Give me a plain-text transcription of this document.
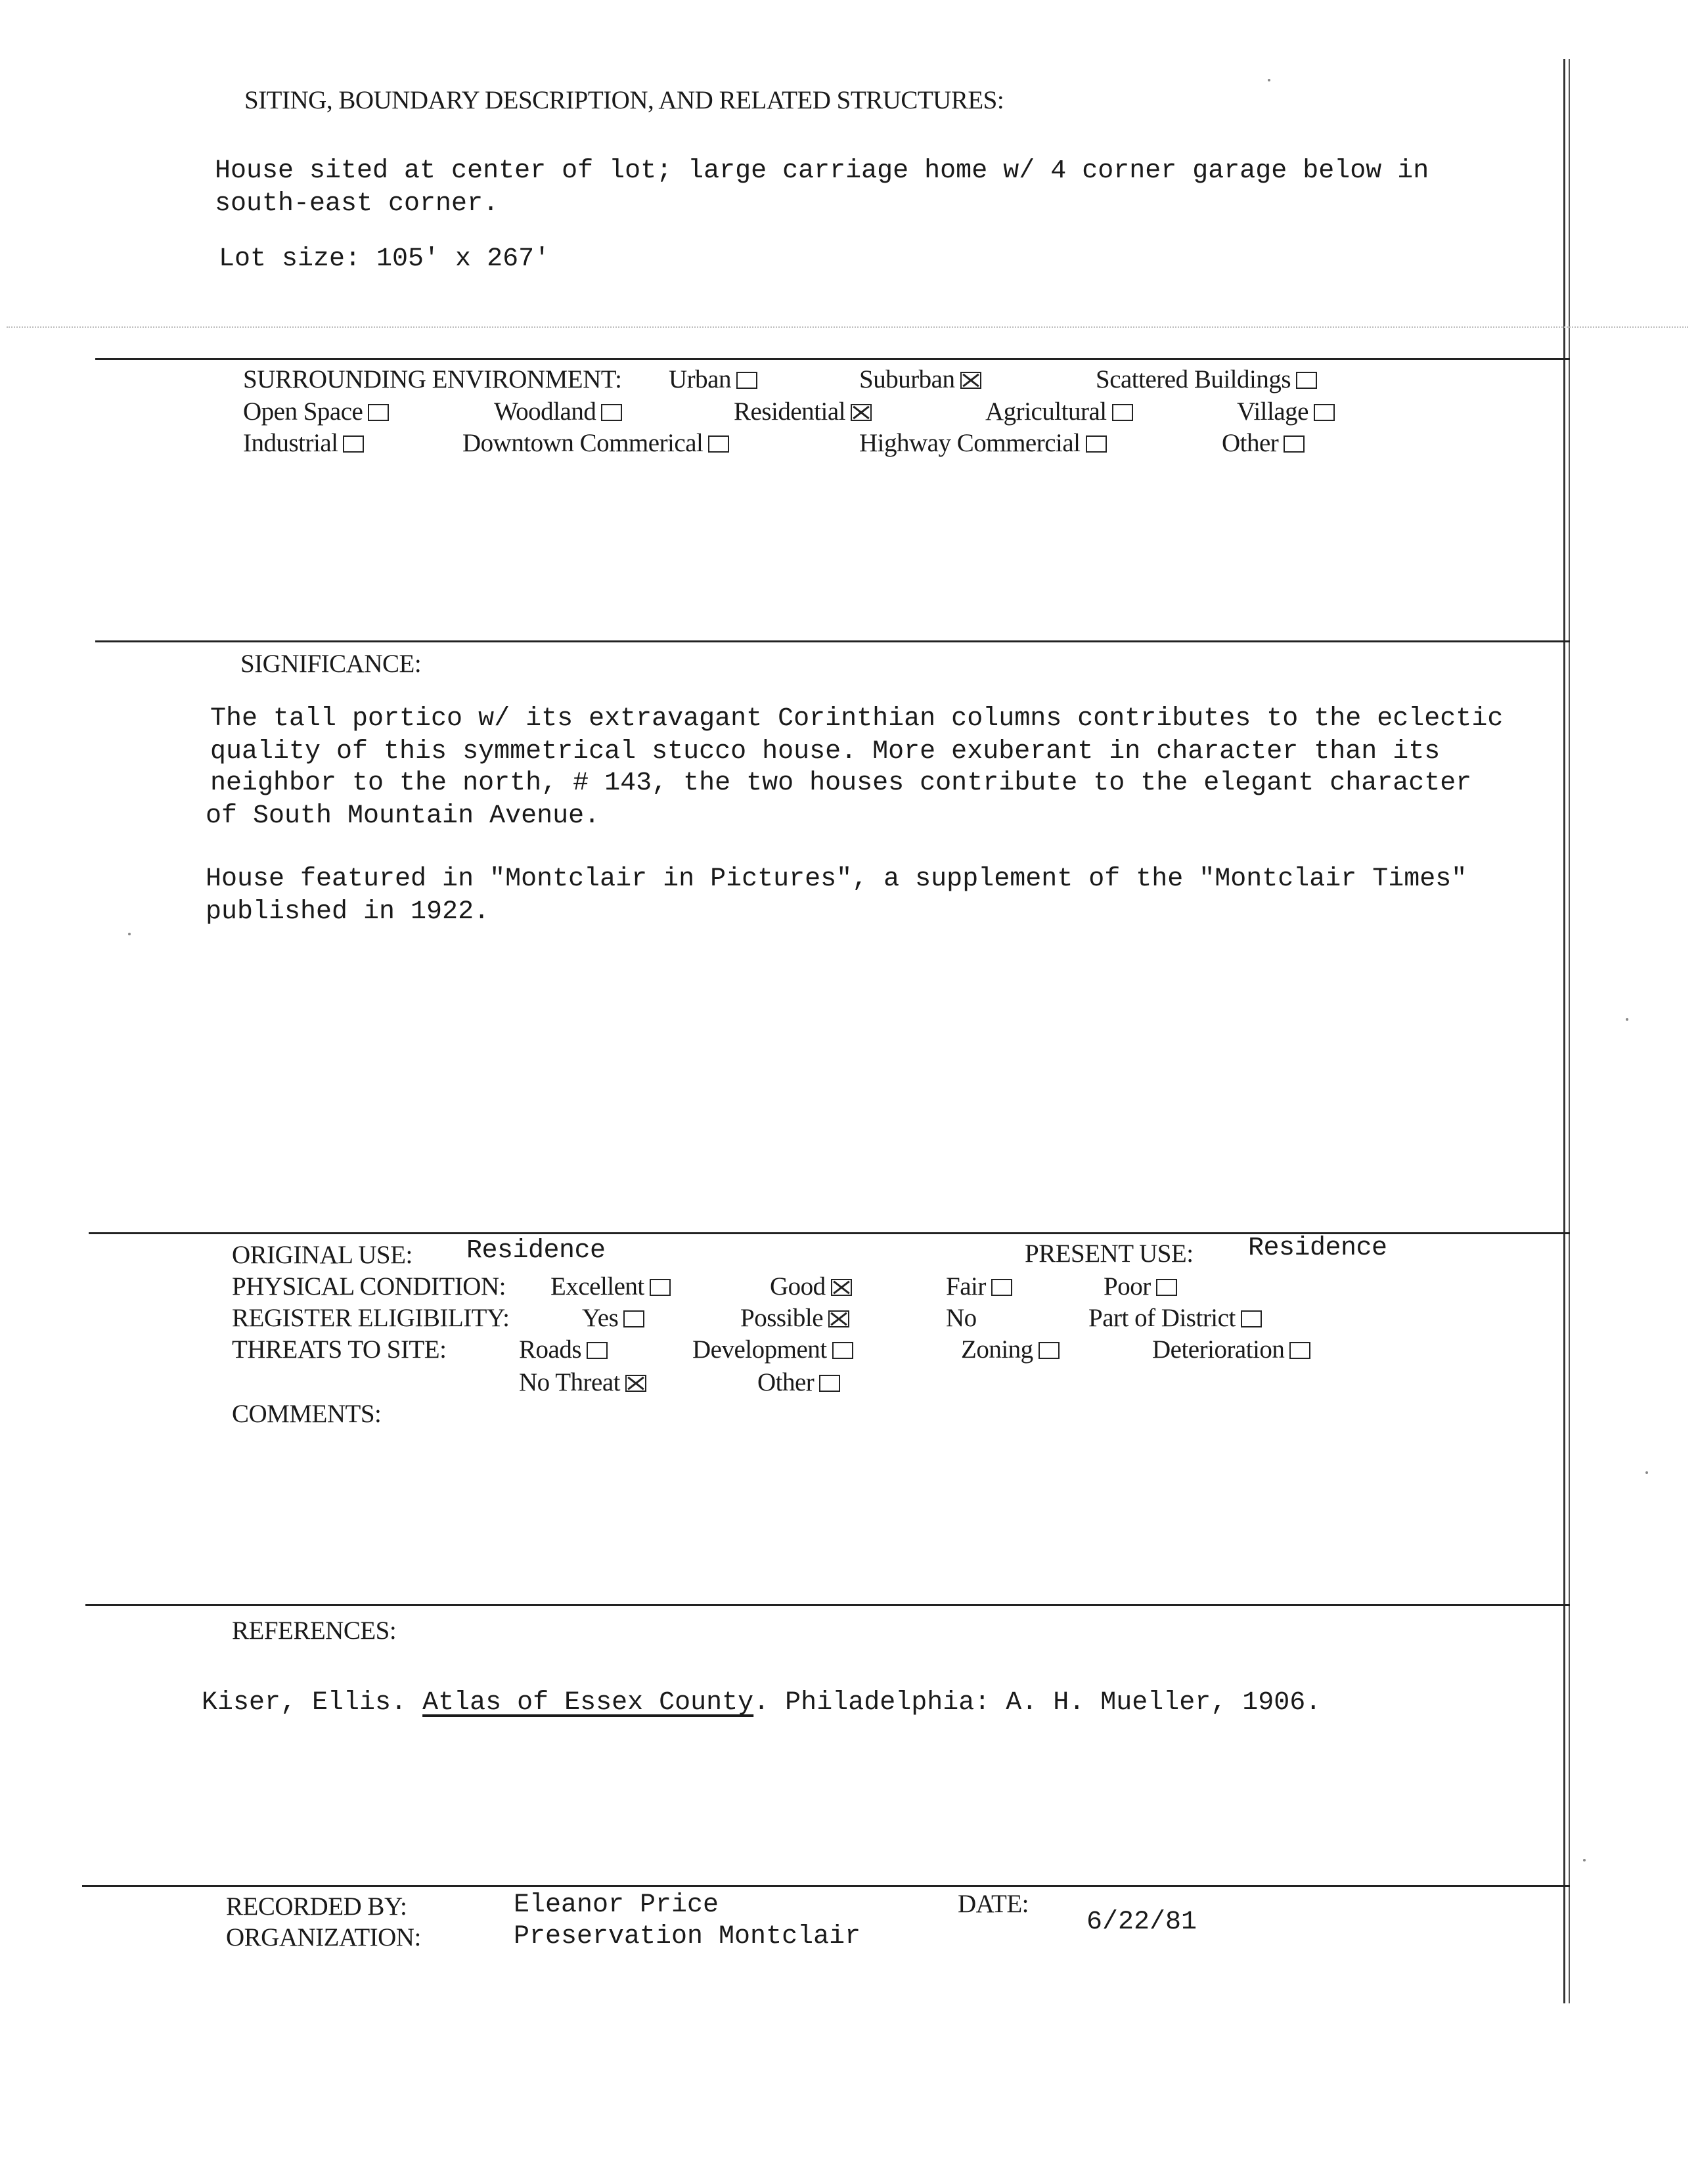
SITING, BOUNDARY DESCRIPTION, AND RELATED STRUCTURES:
House sited at center of lot; large carriage home w/ 4 corner garage below in
south-east corner.
Lot size: 105' x 267'
SURROUNDING ENVIRONMENT: Urban	Suburban	Scattered Buildings
Open Space	Woodland	Residential	Agricultural	Village
Industrial	Downtown Commerical	Highway Commercial	Other
SIGNIFICANCE:
The tall portico w/ its extravagant Corinthian columns contributes to the eclectic
quality of this symmetrical stucco house. More exuberant in character than its
neighbor to the north, # 143, the two houses contribute to the elegant character
of South Mountain Avenue.
House featured in "Montclair in Pictures", a supplement of the "Montclair Times"
published in 1922.
ORIGINAL USE: Residence	PRESENT USE: Residence
PHYSICAL CONDITION: Excellent	Good	Fair	Poor
REGISTER ELIGIBILITY:	Yes	Possible	No	Part of District
THREATS TO SITE:	Roads	Development	Zoning	Deterioration
No Threat	Other
COMMENTS:
REFERENCES:
Kiser, Ellis. Atlas of Essex County. Philadelphia: A. H. Mueller, 1906.
RECORDED BY:	Eleanor Price
ORGANIZATION:	Preservation Montclair
DATE:
6/22/81
